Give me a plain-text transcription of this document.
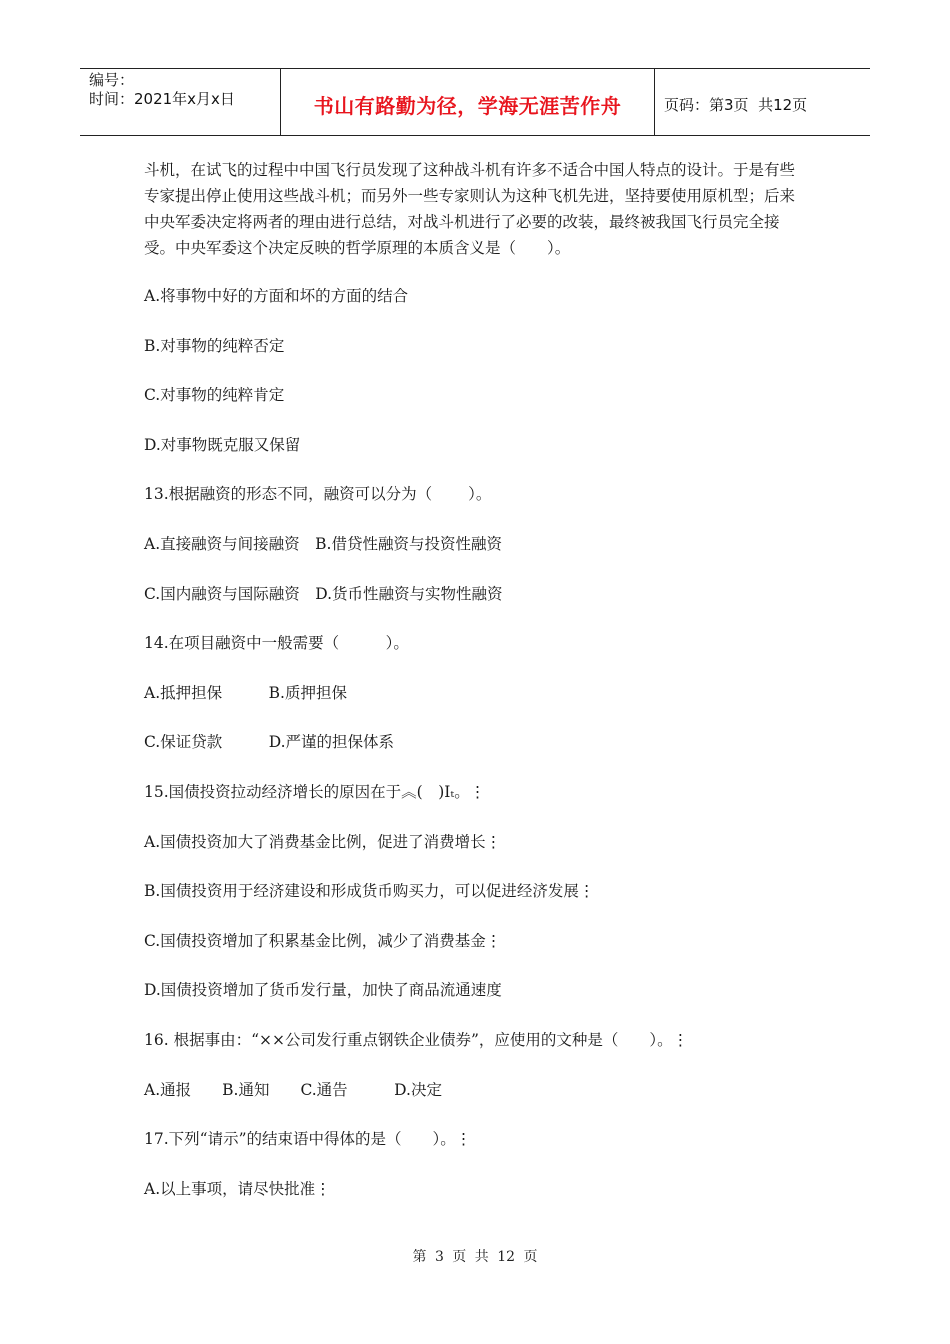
编号：
时间：2021年x月x日	书山有路勤为径，学海无涯苦作舟	页码：第3页  共12页

斗机，在试飞的过程中中国飞行员发现了这种战斗机有许多不适合中国人特点的设计。于是有些专家提出停止使用这些战斗机；而另外一些专家则认为这种飞机先进，坚持要使用原机型；后来中央军委决定将两者的理由进行总结，对战斗机进行了必要的改装，最终被我国飞行员完全接受。中央军委这个决定反映的哲学原理的本质含义是（　　）。

A.将事物中好的方面和坏的方面的结合
B.对事物的纯粹否定
C.对事物的纯粹肯定
D.对事物既克服又保留
13.根据融资的形态不同，融资可以分为（　　 ）。
A.直接融资与间接融资　B.借贷性融资与投资性融资
C.国内融资与国际融资　D.货币性融资与实物性融资
14.在项目融资中一般需要（　　　）。
A.抵押担保　　　B.质押担保
C.保证贷款　　　D.严谨的担保体系
15.国债投资拉动经济增长的原因在于︽(　)Iₜ。⋮
A.国债投资加大了消费基金比例，促进了消费增长⋮
B.国债投资用于经济建设和形成货币购买力，可以促进经济发展⋮
C.国债投资增加了积累基金比例，减少了消费基金⋮
D.国债投资增加了货币发行量，加快了商品流通速度
16. 根据事由：“××公司发行重点钢铁企业债券”，应使用的文种是（　　）。⋮
A.通报　　B.通知　　C.通告　　　D.决定
17.下列“请示”的结束语中得体的是（　　）。⋮
A.以上事项，请尽快批准⋮
第 3 页 共 12 页
